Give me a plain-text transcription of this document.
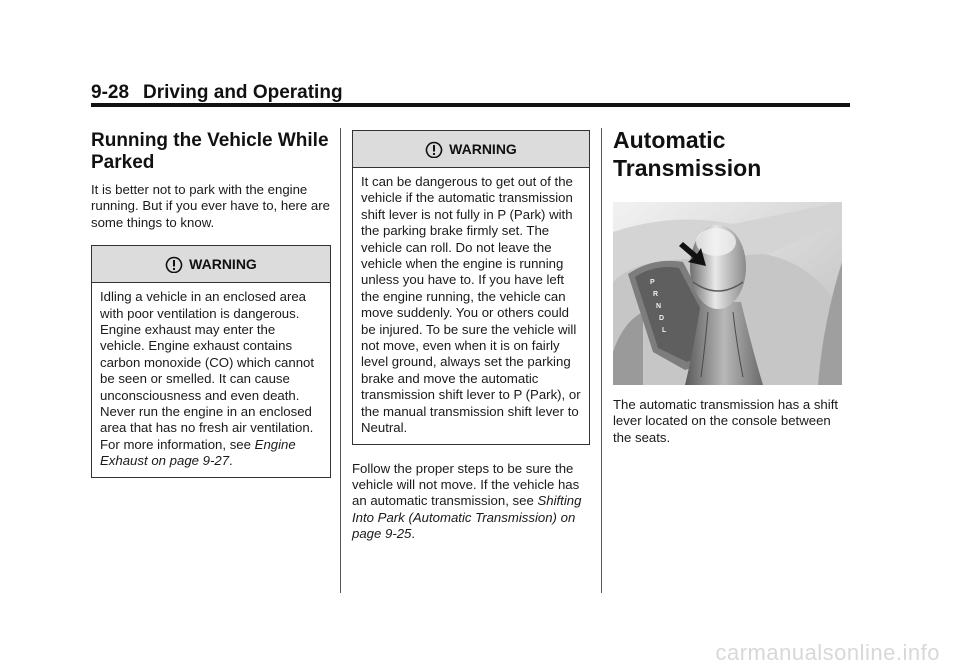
9-28 Driving and Operating
Running the Vehicle While Parked

It is better not to park with the engine running. But if you ever have to, here are some things to know.

WARNING

Idling a vehicle in an enclosed area with poor ventilation is dangerous. Engine exhaust may enter the vehicle. Engine exhaust contains carbon monoxide (CO) which cannot be seen or smelled. It can cause unconsciousness and even death. Never run the engine in an enclosed area that has no fresh air ventilation. For more information, see Engine Exhaust on page 9-27.

WARNING

It can be dangerous to get out of the vehicle if the automatic transmission shift lever is not fully in P (Park) with the parking brake firmly set. The vehicle can roll. Do not leave the vehicle when the engine is running unless you have to. If you have left the engine running, the vehicle can move suddenly. You or others could be injured. To be sure the vehicle will not move, even when it is on fairly level ground, always set the parking brake and move the automatic transmission shift lever to P (Park), or the manual transmission shift lever to Neutral.

Follow the proper steps to be sure the vehicle will not move. If the vehicle has an automatic transmission, see Shifting Into Park (Automatic Transmission) on page 9-25.

Automatic Transmission
P
R
N
D
L

The automatic transmission has a shift lever located on the console between the seats.

carmanualsonline.info
